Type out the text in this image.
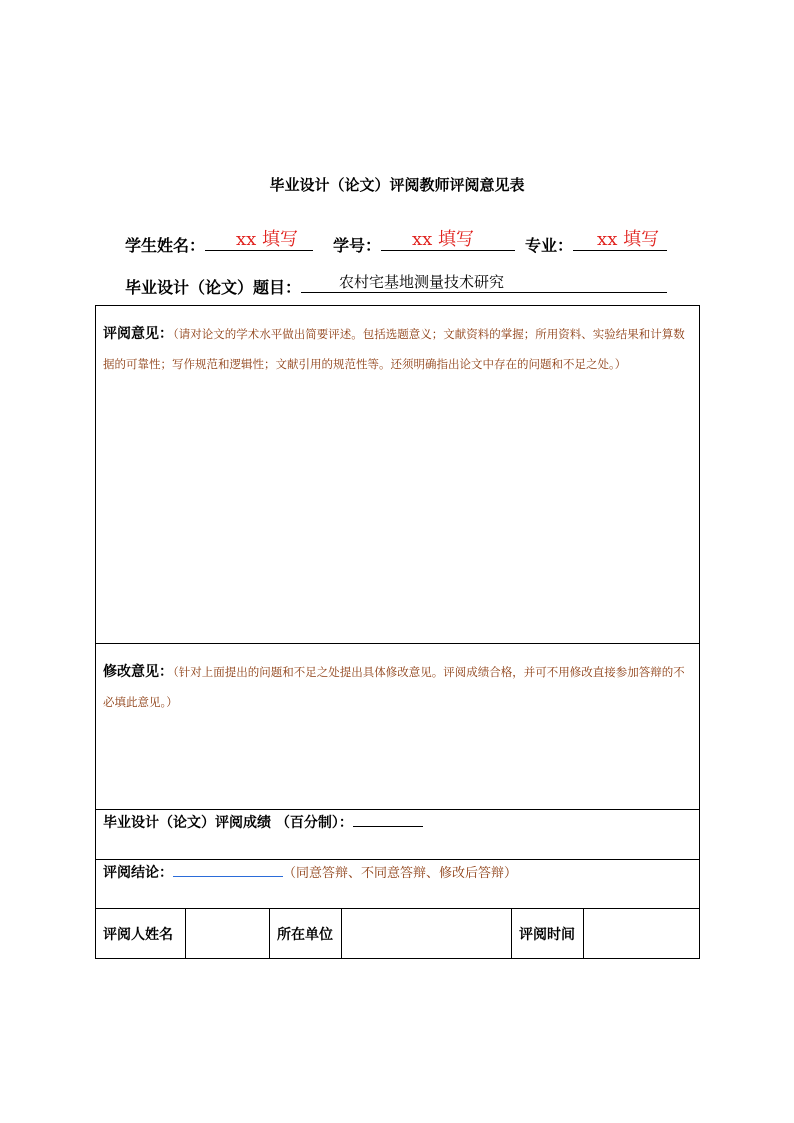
毕业设计（论文）评阅教师评阅意见表
学生姓名： xx 填写 学号： xx 填写	专业： xx 填写
毕业设计（论文）题目：	农村宅基地测量技术研究
评阅意见：（请对论文的学术水平做出简要评述。包括选题意义；文献资料的掌握；所用资料、实验结果和计算数据的可靠性；写作规范和逻辑性；文献引用的规范性等。还须明确指出论文中存在的问题和不足之处。）

修改意见：（针对上面提出的问题和不足之处提出具体修改意见。评阅成绩合格，并可不用修改直接参加答辩的不必填此意见。）

毕业设计（论文）评阅成绩 （百分制）：

评阅结论：	（同意答辩、不同意答辩、修改后答辩）

评阅人姓名		所在单位		评阅时间	
